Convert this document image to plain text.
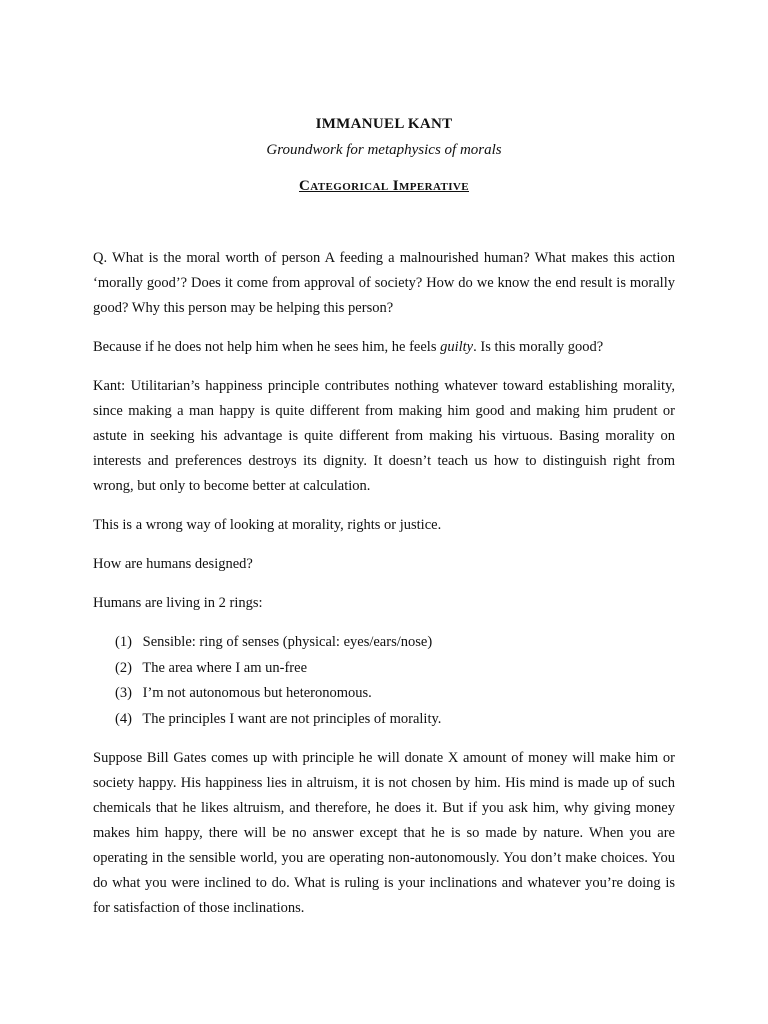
IMMANUEL KANT
Groundwork for metaphysics of morals
Categorical Imperative

Q. What is the moral worth of person A feeding a malnourished human? What makes this action ‘morally good’? Does it come from approval of society? How do we know the end result is morally good? Why this person may be helping this person?

Because if he does not help him when he sees him, he feels guilty. Is this morally good?

Kant: Utilitarian’s happiness principle contributes nothing whatever toward establishing morality, since making a man happy is quite different from making him good and making him prudent or astute in seeking his advantage is quite different from making his virtuous. Basing morality on interests and preferences destroys its dignity. It doesn’t teach us how to distinguish right from wrong, but only to become better at calculation.

This is a wrong way of looking at morality, rights or justice.

How are humans designed?

Humans are living in 2 rings:

(1) Sensible: ring of senses (physical: eyes/ears/nose)
(2) The area where I am un-free
(3) I’m not autonomous but heteronomous.
(4) The principles I want are not principles of morality.

Suppose Bill Gates comes up with principle he will donate X amount of money will make him or society happy. His happiness lies in altruism, it is not chosen by him. His mind is made up of such chemicals that he likes altruism, and therefore, he does it. But if you ask him, why giving money makes him happy, there will be no answer except that he is so made by nature. When you are operating in the sensible world, you are operating non-autonomously. You don’t make choices. You do what you were inclined to do. What is ruling is your inclinations and whatever you’re doing is for satisfaction of those inclinations.
